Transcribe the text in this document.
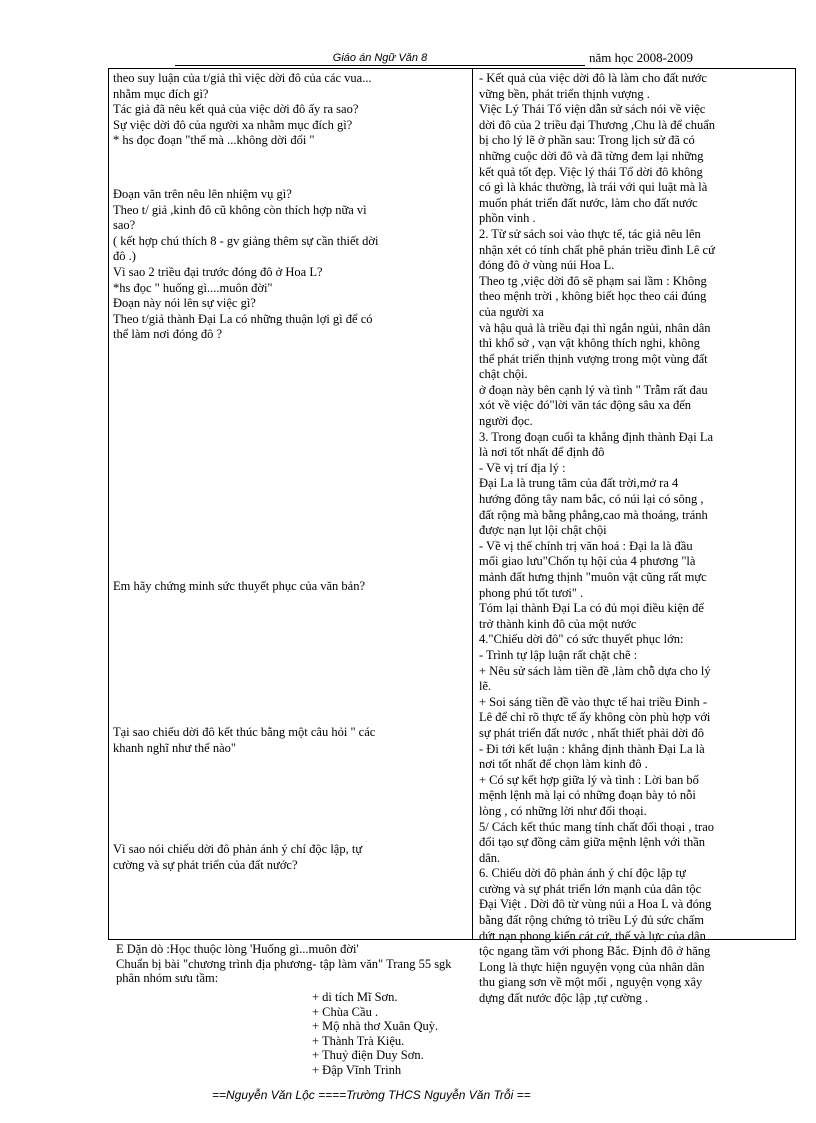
Giáo án Ngữ Văn 8	năm học 2008-2009
theo suy luận của t/giả thì việc dời đô của các vua...
nhằm mục đích gì?
Tác giả đã nêu kết quả của việc dời đô ấy ra sao?
Sự việc dời đô của người xa nhằm mục đích gì?
* hs đọc đoạn "thế mà ...không dời đổi "
Đoạn văn trên nêu lên nhiệm vụ gì?
Theo t/ giả ,kinh đô cũ không còn thích hợp nữa vì
sao?
( kết hợp chú thích 8 - gv giảng thêm sự cần thiết dời
đô .)
Vì sao 2 triều đại trước đóng đô ở Hoa L?
*hs đọc " huống gì....muôn đời"
Đoạn này nói lên sự việc gì?
Theo t/giả thành Đại La có những thuận lợi gì để có
thể làm nơi đóng đô ?
Em hãy chứng minh sức thuyết phục của văn bản?
Tại sao chiếu dời đô kết thúc bằng một câu hỏi " các
khanh nghĩ như thế nào"
Vì sao nói chiếu dời đô phản ánh ý chí độc lập, tự
cường và sự phát triển của đất nước?
- Kết quả của việc dời đô là làm cho đất nước
vững bền, phát triển thịnh vượng .
Việc Lý Thái Tổ viện dẫn sử sách nói về việc
dời đô của 2 triều đại Thương ,Chu là để chuẩn
bị cho lý lẽ ở phần sau: Trong lịch sử đã có
những cuộc dời đô và đã từng đem lại những
kết quả tốt đẹp. Việc lý thái Tổ dời đô không
có gì là khác thường, là trái với qui luật mà là
muốn phát triển đất nước, làm cho đất nước
phồn vinh .
2. Từ sử sách soi vào thực tế, tác giả nêu lên
nhận xét có tính chất phê phán triều đình Lê cứ
đóng đô ở vùng núi Hoa L.
Theo tg ,việc dời đô sẽ phạm sai lầm : Không
theo mệnh trời , không biết học theo cái đúng
của người xa
và hậu quả là triều đại thì ngắn ngủi, nhân dân
thì khổ sở , vạn vật không thích nghi, không
thể phát triển thịnh vượng trong một vùng đất
chật chội.
ở đoạn này bên cạnh lý và tình " Trẫm rất đau
xót về việc đó"lời văn tác động sâu xa đến
người đọc.
3. Trong đoạn cuối ta khẳng định thành Đại La
là nơi tốt nhất để định đô
- Về vị trí địa lý :
Đại La là trung tâm của đất trời,mở ra 4
hướng đông tây nam bắc, có núi lại có sông ,
đất rộng mà bằng phẳng,cao mà thoáng, tránh
được nạn lụt lội chật chội
- Về vị thế chính trị văn hoá : Đại la là đầu
mối giao lưu"Chốn tụ hội của 4 phương "là
mảnh đất hưng thịnh "muôn vật cũng rất mực
phong phú tốt tươi" .
Tóm lại thành Đại La có đủ mọi điều kiện để
trở thành kinh đô của một nước
4."Chiếu dời đô" có sức thuyết phục lớn:
- Trình tự lập luận rất chặt chẽ :
+ Nêu sử sách làm tiền đề ,làm chỗ dựa cho lý
lẽ.
+ Soi sáng tiền đề vào thực tế hai triều Đinh -
Lê để chỉ rõ thực tế ấy không còn phù hợp với
sự phát triển đất nước , nhất thiết phải dời đô
- Đi tới kết luận : khẳng định thành Đại La là
nơi tốt nhất để chọn làm kinh đô .
+ Có sự kết hợp giữa lý và tình : Lời ban bố
mệnh lệnh mà lại có những đoạn bày tỏ nỗi
lòng , có những lời như đối thoại.
5/ Cách kết thúc mang tính chất đối thoại , trao
đổi tạo sự đồng cảm giữa mệnh lệnh với thần
dân.
6. Chiếu dời đô phản ánh ý chí độc lập tự
cường và sự phát triển lớn mạnh của dân tộc
Đại Việt . Dời đô từ vùng núi a Hoa L và đóng
bằng đất rộng chứng tỏ triều Lý đủ sức chấm
dứt nạn phong kiến cát cứ, thế và lực của dân
tộc ngang tầm với phong Bắc. Định đô ở hăng
Long là thực hiện nguyện vọng của nhân dân
thu giang sơn về một mối , nguyện vọng xây
dựng đất nước độc lập ,tự cường .
E Dặn dò :Học thuộc lòng 'Huống gì...muôn đời'
Chuẩn bị bài "chương trình địa phương- tập làm văn" Trang 55 sgk
phân nhóm sưu tầm:
+ di tích Mĩ Sơn.
+ Chùa Cầu .
+ Mộ nhà thơ Xuân Quỳ.
+ Thành Trà Kiệu.
+ Thuỷ điện Duy Sơn.
+ Đập Vĩnh Trinh
==Nguyễn Văn Lộc ====Trường THCS Nguyễn Văn Trỗi ==
